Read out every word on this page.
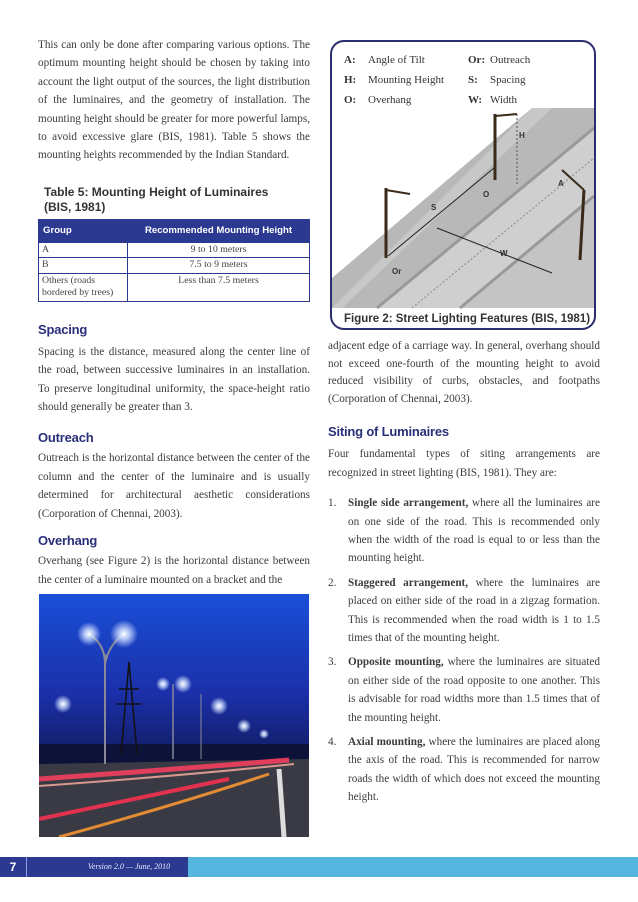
This can only be done after comparing various options. The optimum mounting height should be chosen by taking into account the light output of the sources, the light distribution of the luminaires, and the geometry of installation. The mounting height should be greater for more powerful lamps, to avoid excessive glare (BIS, 1981). Table 5 shows the mounting heights recommended by the Indian Standard.

Table 5: Mounting Height of Luminaires (BIS, 1981)
Group	Recommended Mounting Height
A	9 to 10 meters
B	7.5 to 9 meters
Others (roads bordered by trees)	Less than 7.5 meters
Spacing

Spacing is the distance, measured along the center line of the road, between successive luminaires in an installation. To preserve longitudinal uniformity, the space-height ratio should generally be greater than 3.

Outreach

Outreach is the horizontal distance between the center of the column and the center of the luminaire and is usually determined for architectural aesthetic considerations (Corporation of Chennai, 2003).

Overhang

Overhang (see Figure 2) is the horizontal distance between the center of a luminaire mounted on a bracket and the

A:	Angle of Tilt	Or: Outreach
H:	Mounting Height	S:	Spacing
O:	Overhang	W: Width
H
A
O
S
W
Or
Figure 2: Street Lighting Features (BIS, 1981)

adjacent edge of a carriage way. In general, overhang should not exceed one-fourth of the mounting height to avoid reduced visibility of curbs, obstacles, and footpaths (Corporation of Chennai, 2003).

Siting of Luminaires

Four fundamental types of siting arrangements are recognized in street lighting (BIS, 1981). They are:

1. Single side arrangement, where all the luminaires are on one side of the road. This is recommended only when the width of the road is equal to or less than the mounting height.
2. Staggered arrangement, where the luminaires are placed on either side of the road in a zigzag formation. This is recommended when the road width is 1 to 1.5 times that of the mounting height.
3. Opposite mounting, where the luminaires are situated on either side of the road opposite to one another. This is advisable for road widths more than 1.5 times that of the mounting height.
4. Axial mounting, where the luminaires are placed along the axis of the road. This is recommended for narrow roads the width of which does not exceed the mounting height.
7	Version 2.0 — June, 2010
